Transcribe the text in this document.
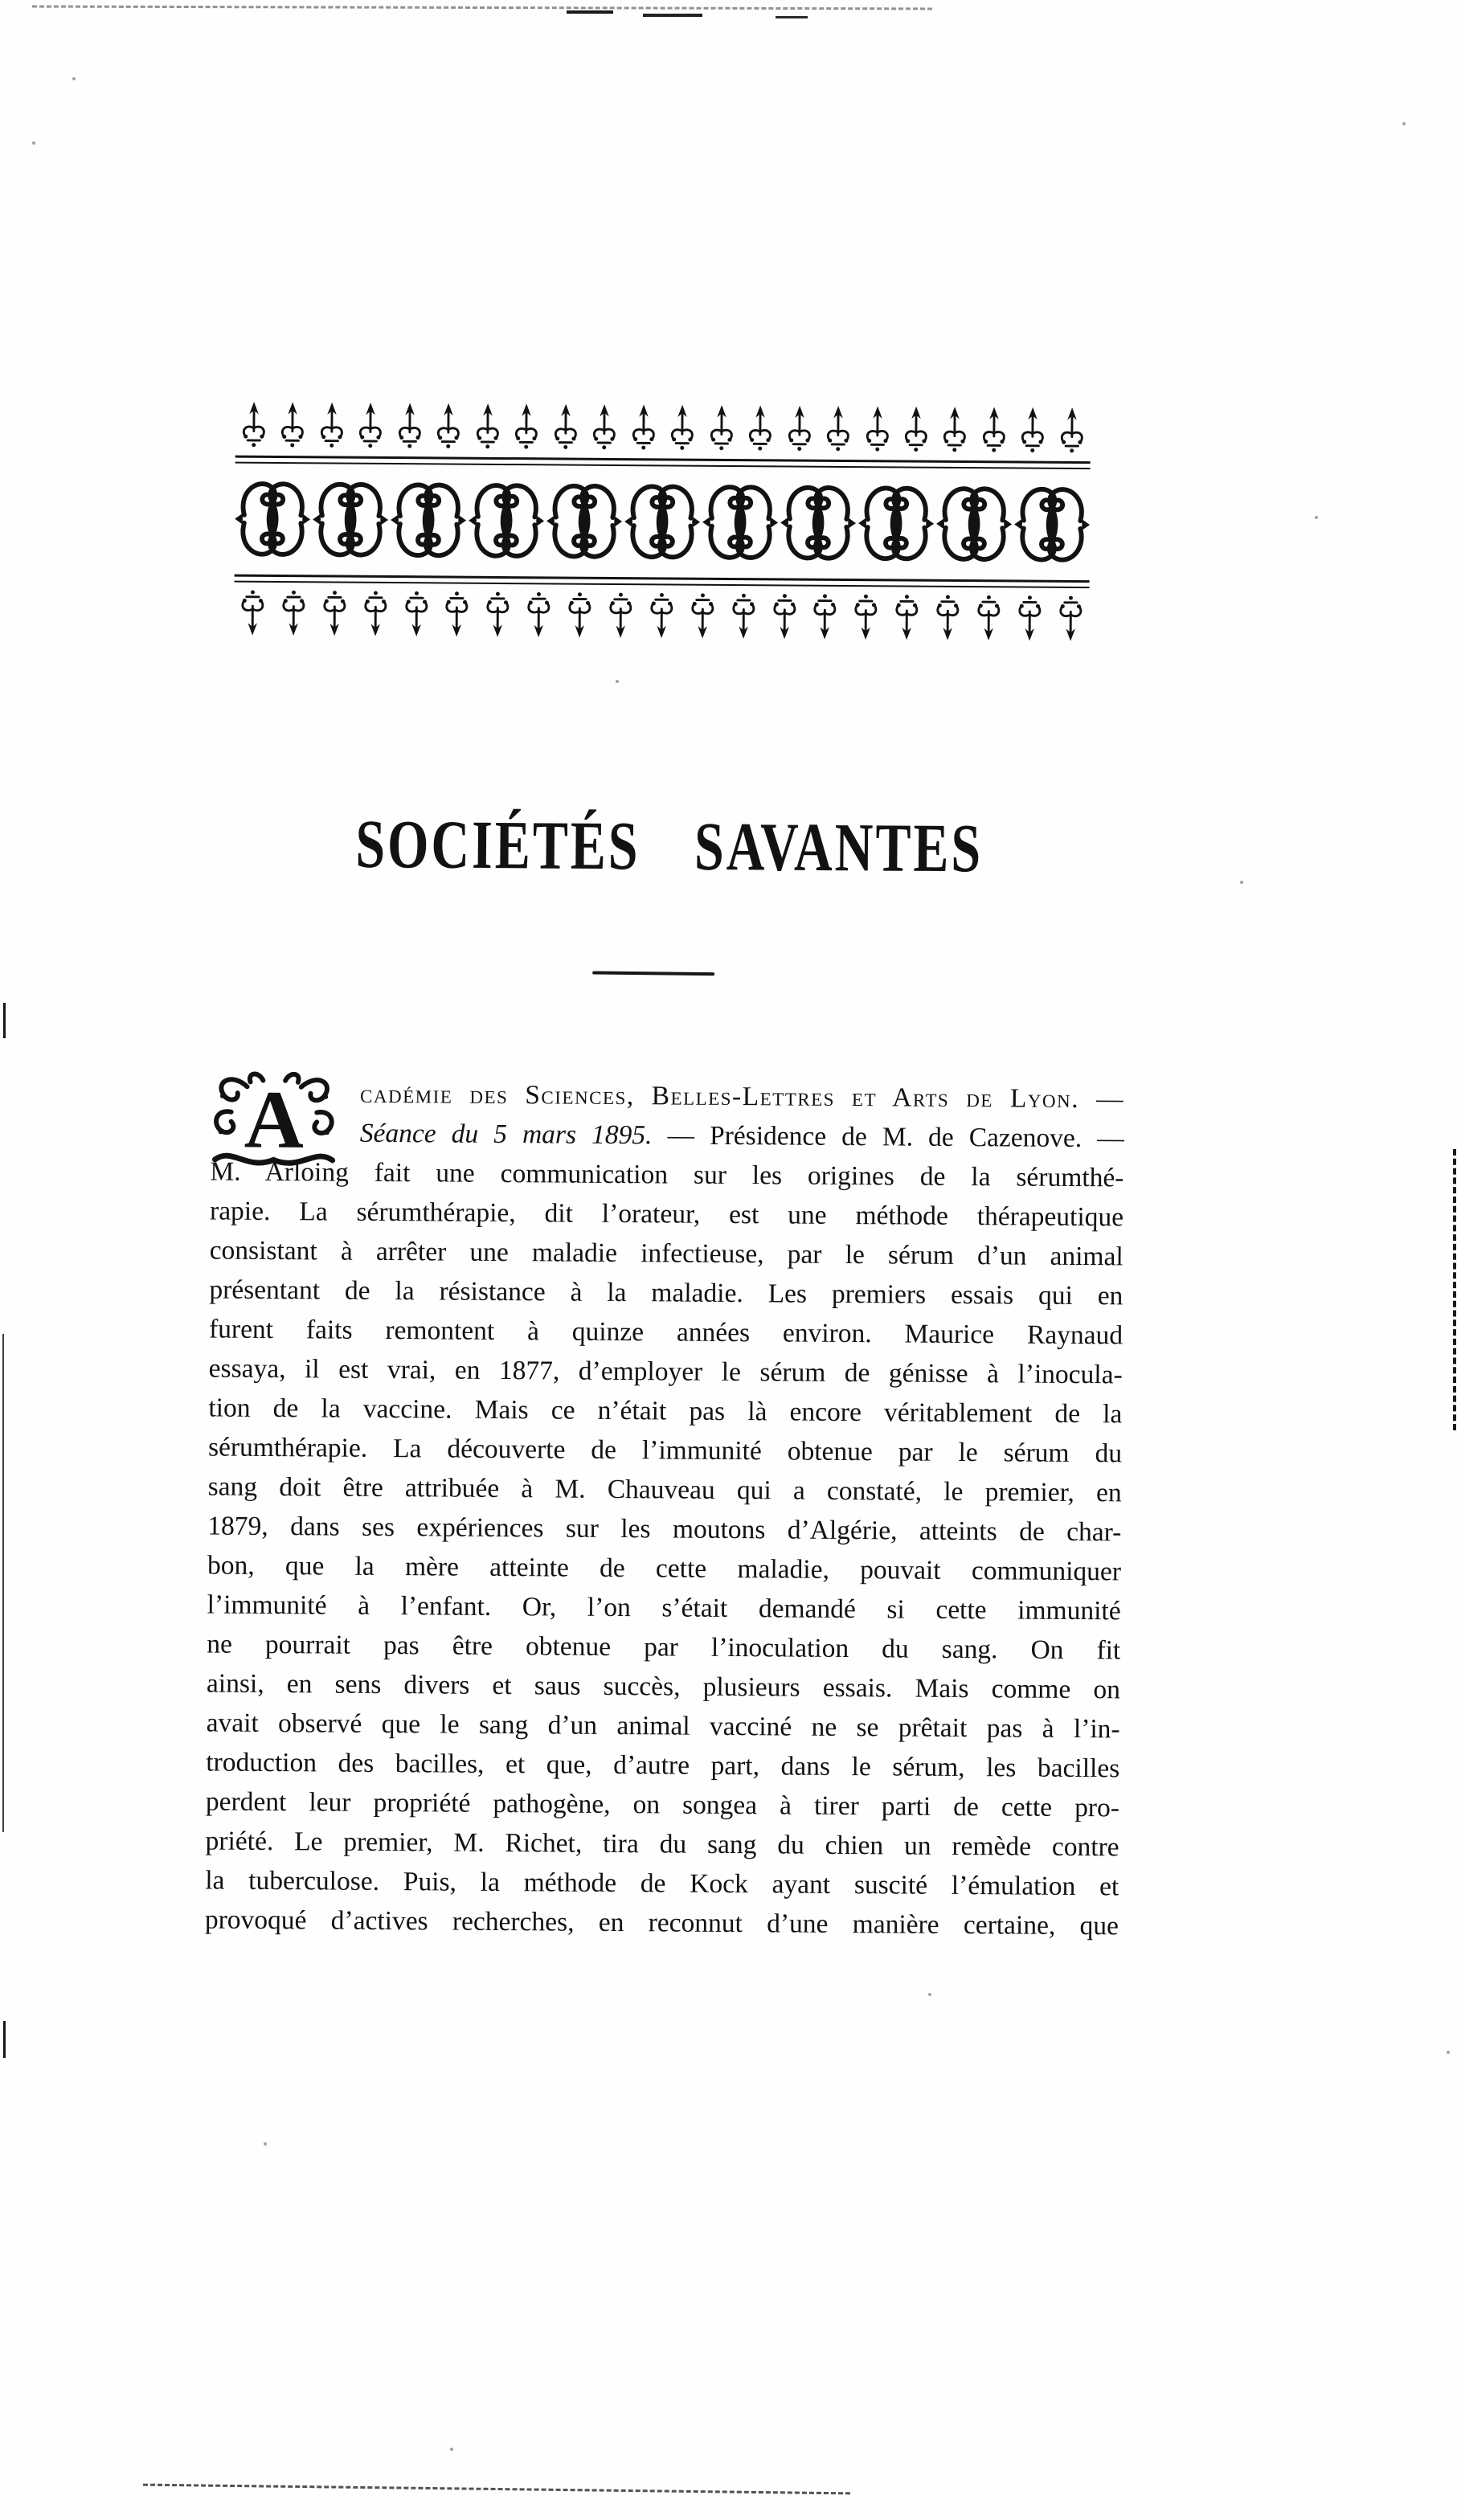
SOCIÉTÉS SAVANTES
cadémie des Sciences, Belles-Lettres et Arts de Lyon. —
Séance du 5 mars 1895. — Présidence de M. de Cazenove. —
M. Arloing fait une communication sur les origines de la sérumthé-
rapie. La sérumthérapie, dit l’orateur, est une méthode thérapeutique
consistant à arrêter une maladie infectieuse, par le sérum d’un animal
présentant de la résistance à la maladie. Les premiers essais qui en
furent faits remontent à quinze années environ. Maurice Raynaud
essaya, il est vrai, en 1877, d’employer le sérum de génisse à l’inocula-
tion de la vaccine. Mais ce n’était pas là encore véritablement de la
sérumthérapie. La découverte de l’immunité obtenue par le sérum du
sang doit être attribuée à M. Chauveau qui a constaté, le premier, en
1879, dans ses expériences sur les moutons d’Algérie, atteints de char-
bon, que la mère atteinte de cette maladie, pouvait communiquer
l’immunité à l’enfant. Or, l’on s’était demandé si cette immunité
ne pourrait pas être obtenue par l’inoculation du sang. On fit
ainsi, en sens divers et saus succès, plusieurs essais. Mais comme on
avait observé que le sang d’un animal vacciné ne se prêtait pas à l’in-
troduction des bacilles, et que, d’autre part, dans le sérum, les bacilles
perdent leur propriété pathogène, on songea à tirer parti de cette pro-
priété. Le premier, M. Richet, tira du sang du chien un remède contre
la tuberculose. Puis, la méthode de Kock ayant suscité l’émulation et
provoqué d’actives recherches, en reconnut d’une manière certaine, que
